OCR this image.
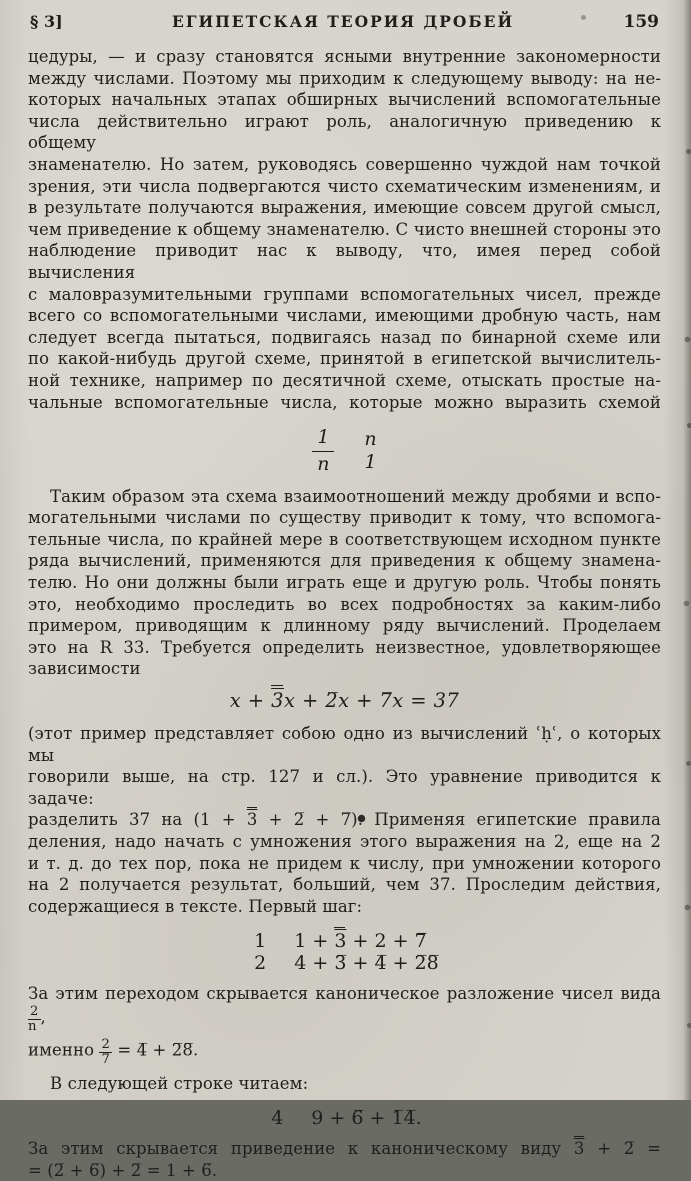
§ 3]	ЕГИПЕТСКАЯ ТЕОРИЯ ДРОБЕЙ	159
цедуры, — и сразу становятся ясными внутренние закономерности
между числами. Поэтому мы приходим к следующему выводу: на не-
которых начальных этапах обширных вычислений вспомогательные
числа действительно играют роль, аналогичную приведению к общему
знаменателю. Но затем, руководясь совершенно чуждой нам точкой
зрения, эти числа подвергаются чисто схематическим изменениям, и
в результате получаются выражения, имеющие совсем другой смысл,
чем приведение к общему знаменателю. С чисто внешней стороны это
наблюдение приводит нас к выводу, что, имея перед собой вычисления
с маловразумительными группами вспомогательных чисел, прежде
всего со вспомогательными числами, имеющими дробную часть, нам
следует всегда пытаться, подвигаясь назад по бинарной схеме или
по какой-нибудь другой схеме, принятой в египетской вычислитель-
ной технике, например по десятичной схеме, отыскать простые на-
чальные вспомогательные числа, которые можно выразить схемой
$\frac{1}{n}$ n
1
Таким образом эта схема взаимоотношений между дробями и вспо-
могательными числами по существу приводит к тому, что вспомога-
тельные числа, по крайней мере в соответствующем исходном пункте
ряда вычислений, применяются для приведения к общему знамена-
телю. Но они должны были играть еще и другую роль. Чтобы понять
это, необходимо проследить во всех подробностях за каким-либо
примером, приводящим к длинному ряду вычислений. Проделаем
это на R 33. Требуется определить неизвестное, удовлетворяющее
зависимости
x + 3x + 2̅x + 7̅x = 37
(этот пример представляет собою одно из вычислений ʿḥʿ, о которых мы
говорили выше, на стр. 127 и сл.). Это уравнение приводится к задаче:
разделить 37 на (1 + 3 + 2̅ + 7̅). Применяя египетские правила
деления, надо начать с умножения этого выражения на 2, еще на 2
и т. д. до тех пор, пока не придем к числу, при умножении которого
на 2 получается результат, больший, чем 37. Проследим действия,
содержащиеся в тексте. Первый шаг:
1 1 + 3 + 2 + 7̅
2 4 + 3̅ + 4̅ + 2̅8̅
За этим переходом скрывается каноническое разложение чисел вида
$\frac{2}{n}$ ,
именно $\frac{2}{7}$ = 4̅ + 2̅8̅.
В следующей строке читаем:
4 9 + 6̅ + 1̅4̅.
За этим скрывается приведение к каноническому виду 3 + 2̅ =
= (2̅ + 6̅) + 2̅ = 1 + 6̅.
